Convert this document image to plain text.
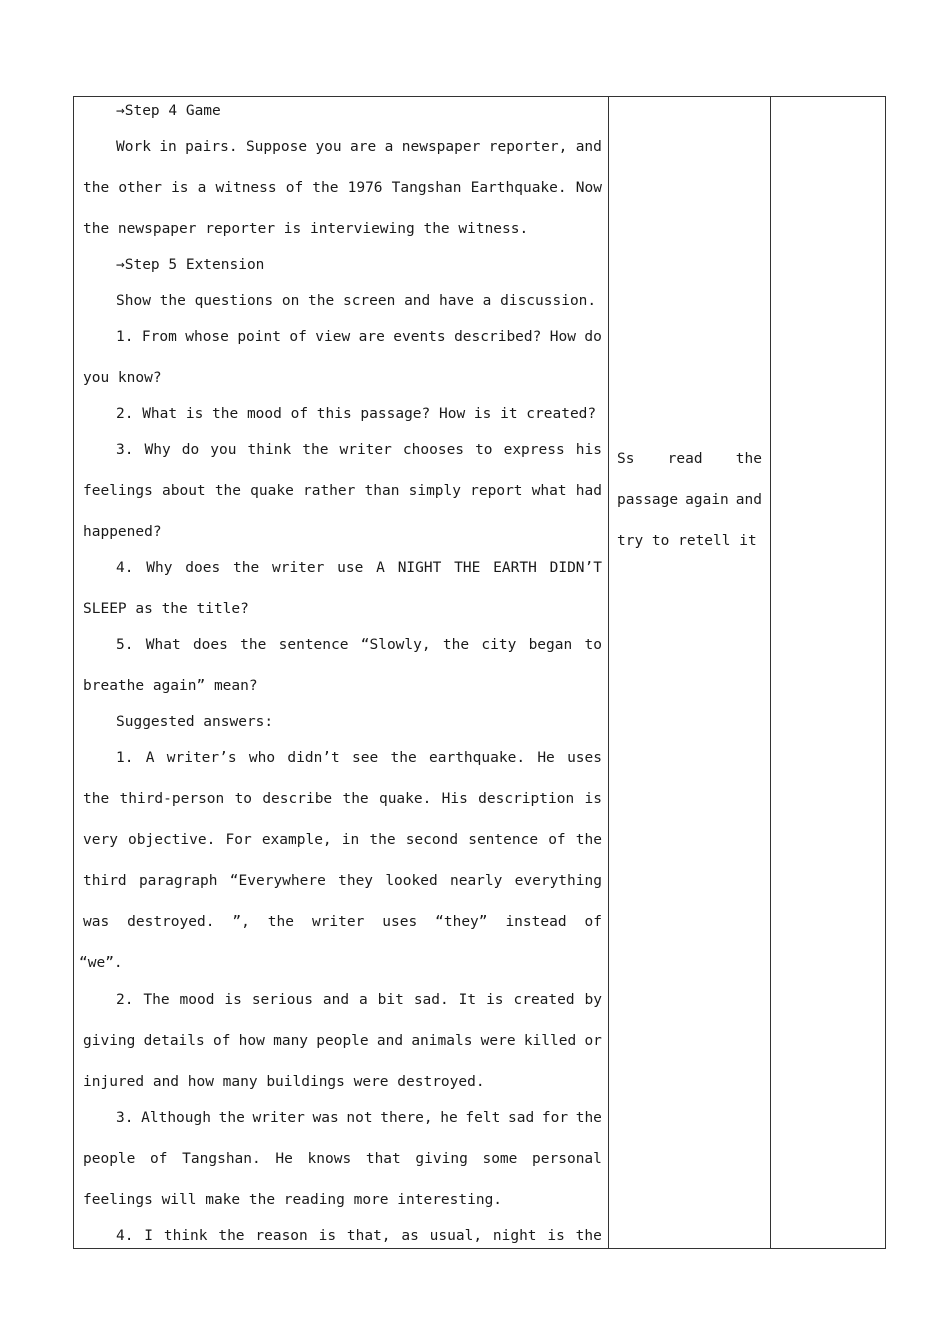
→Step 4 Game
Work in pairs. Suppose you are a newspaper reporter, and
the other is a witness of the 1976 Tangshan Earthquake. Now
the newspaper reporter is interviewing the witness.
→Step 5 Extension
Show the questions on the screen and have a discussion.
1. From whose point of view are events described? How do
you know?
2. What is the mood of this passage? How is it created?
3. Why do you think the writer chooses to express his
feelings about the quake rather than simply report what had
happened?
4. Why does the writer use A NIGHT THE EARTH DIDN’T
SLEEP as the title?
5. What does the sentence “Slowly, the city began to
breathe again” mean?
Suggested answers:
1. A writer’s who didn’t see the earthquake. He uses
the third-person to describe the quake. His description is
very objective. For example, in the second sentence of the
third paragraph “Everywhere they looked nearly everything
was destroyed. ”, the writer uses “they” instead of
“we”.
2. The mood is serious and a bit sad. It is created by
giving details of how many people and animals were killed or
injured and how many buildings were destroyed.
3. Although the writer was not there, he felt sad for the
people of Tangshan. He knows that giving some personal
feelings will make the reading more interesting.
4. I think the reason is that, as usual, night is the
Ss read the
passage again and
try to retell it
